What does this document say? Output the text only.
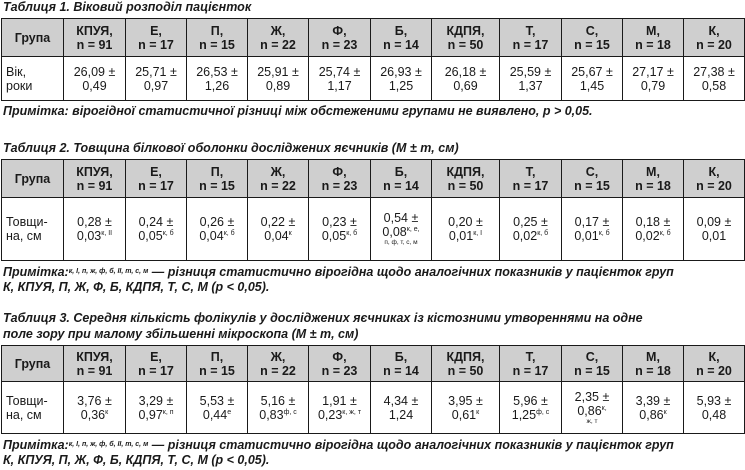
Таблиця 1. Віковий розподіл пацієнток
Група	КПУЯ,
n = 91	Е,
n = 17	П,
n = 15	Ж,
n = 22	Ф,
n = 23	Б,
n = 14	КДПЯ,
n = 50	Т,
n = 17	С,
n = 15	М,
n = 18	К,
n = 20
Вік,
роки	26,09 ±
0,49	25,71 ±
0,97	26,53 ±
1,26	25,91 ±
0,89	25,74 ±
1,17	26,93 ±
1,25	26,18 ±
0,69	25,59 ±
1,37	25,67 ±
1,45	27,17 ±
0,79	27,38 ±
0,58
Примітка: вірогідної статистичної різниці між обстеженими групами не виявлено, р > 0,05.
Таблиця 2. Товщина білкової оболонки досліджених яєчників (M ± m, см)
Група	КПУЯ,
n = 91	Е,
n = 17	П,
n = 15	Ж,
n = 22	Ф,
n = 23	Б,
n = 14	КДПЯ,
n = 50	Т,
n = 17	С,
n = 15	М,
n = 18	К,
n = 20
Товщи-
на, см	0,28 ±
$0,03^{к, ІІ}$	0,24 ±
$0,05^{к, б}$	0,26 ±
$0,04^{к, б}$	0,22 ±
$0,04^к$	0,23 ±
$0,05^{к, б}$	0,54 ±
$0,08^{к, е,}$
п, ф, т, с, м	0,20 ±
$0,01^{к, І}$	0,25 ±
$0,02^{к, б}$	0,17 ±
$0,01^{к, б}$	0,18 ±
$0,02^{к, б}$	0,09 ±
0,01
Примітка:$^{к, І, п, ж, ф, б, ІІ, т, с, м}$ — різниця статистично вірогідна щодо аналогічних показників у пацієнток груп
К, КПУЯ, П, Ж, Ф, Б, КДПЯ, Т, С, М (р < 0,05).
Таблиця 3. Середня кількість фолікулів у досліджених яєчниках із кістозними утвореннями на одне
поле зору при малому збільшенні мікроскопа (M ± m, см)
Група	КПУЯ,
n = 91	Е,
n = 17	П,
n = 15	Ж,
n = 22	Ф,
n = 23	Б,
n = 14	КДПЯ,
n = 50	Т,
n = 17	С,
n = 15	М,
n = 18	К,
n = 20
Товщи-
на, см	3,76 ±
$0,36^к$	3,29 ±
$0,97^{к, п}$	5,53 ±
$0,44^е$	5,16 ±
$0,83^{ф, с}$	1,91 ±
$0,23^{к, ж, т}$	4,34 ±
1,24	3,95 ±
$0,61^к$	5,96 ±
$1,25^{ф, с}$	2,35 ±
$0,86^{к,}$
ж, т	3,39 ±
$0,86^к$	5,93 ±
0,48
Примітка:$^{к, І, п, ж, ф, б, ІІ, т, с, м}$ — різниця статистично вірогідна щодо аналогічних показників у пацієнток груп
К, КПУЯ, П, Ж, Ф, Б, КДПЯ, Т, С, М (р < 0,05).
